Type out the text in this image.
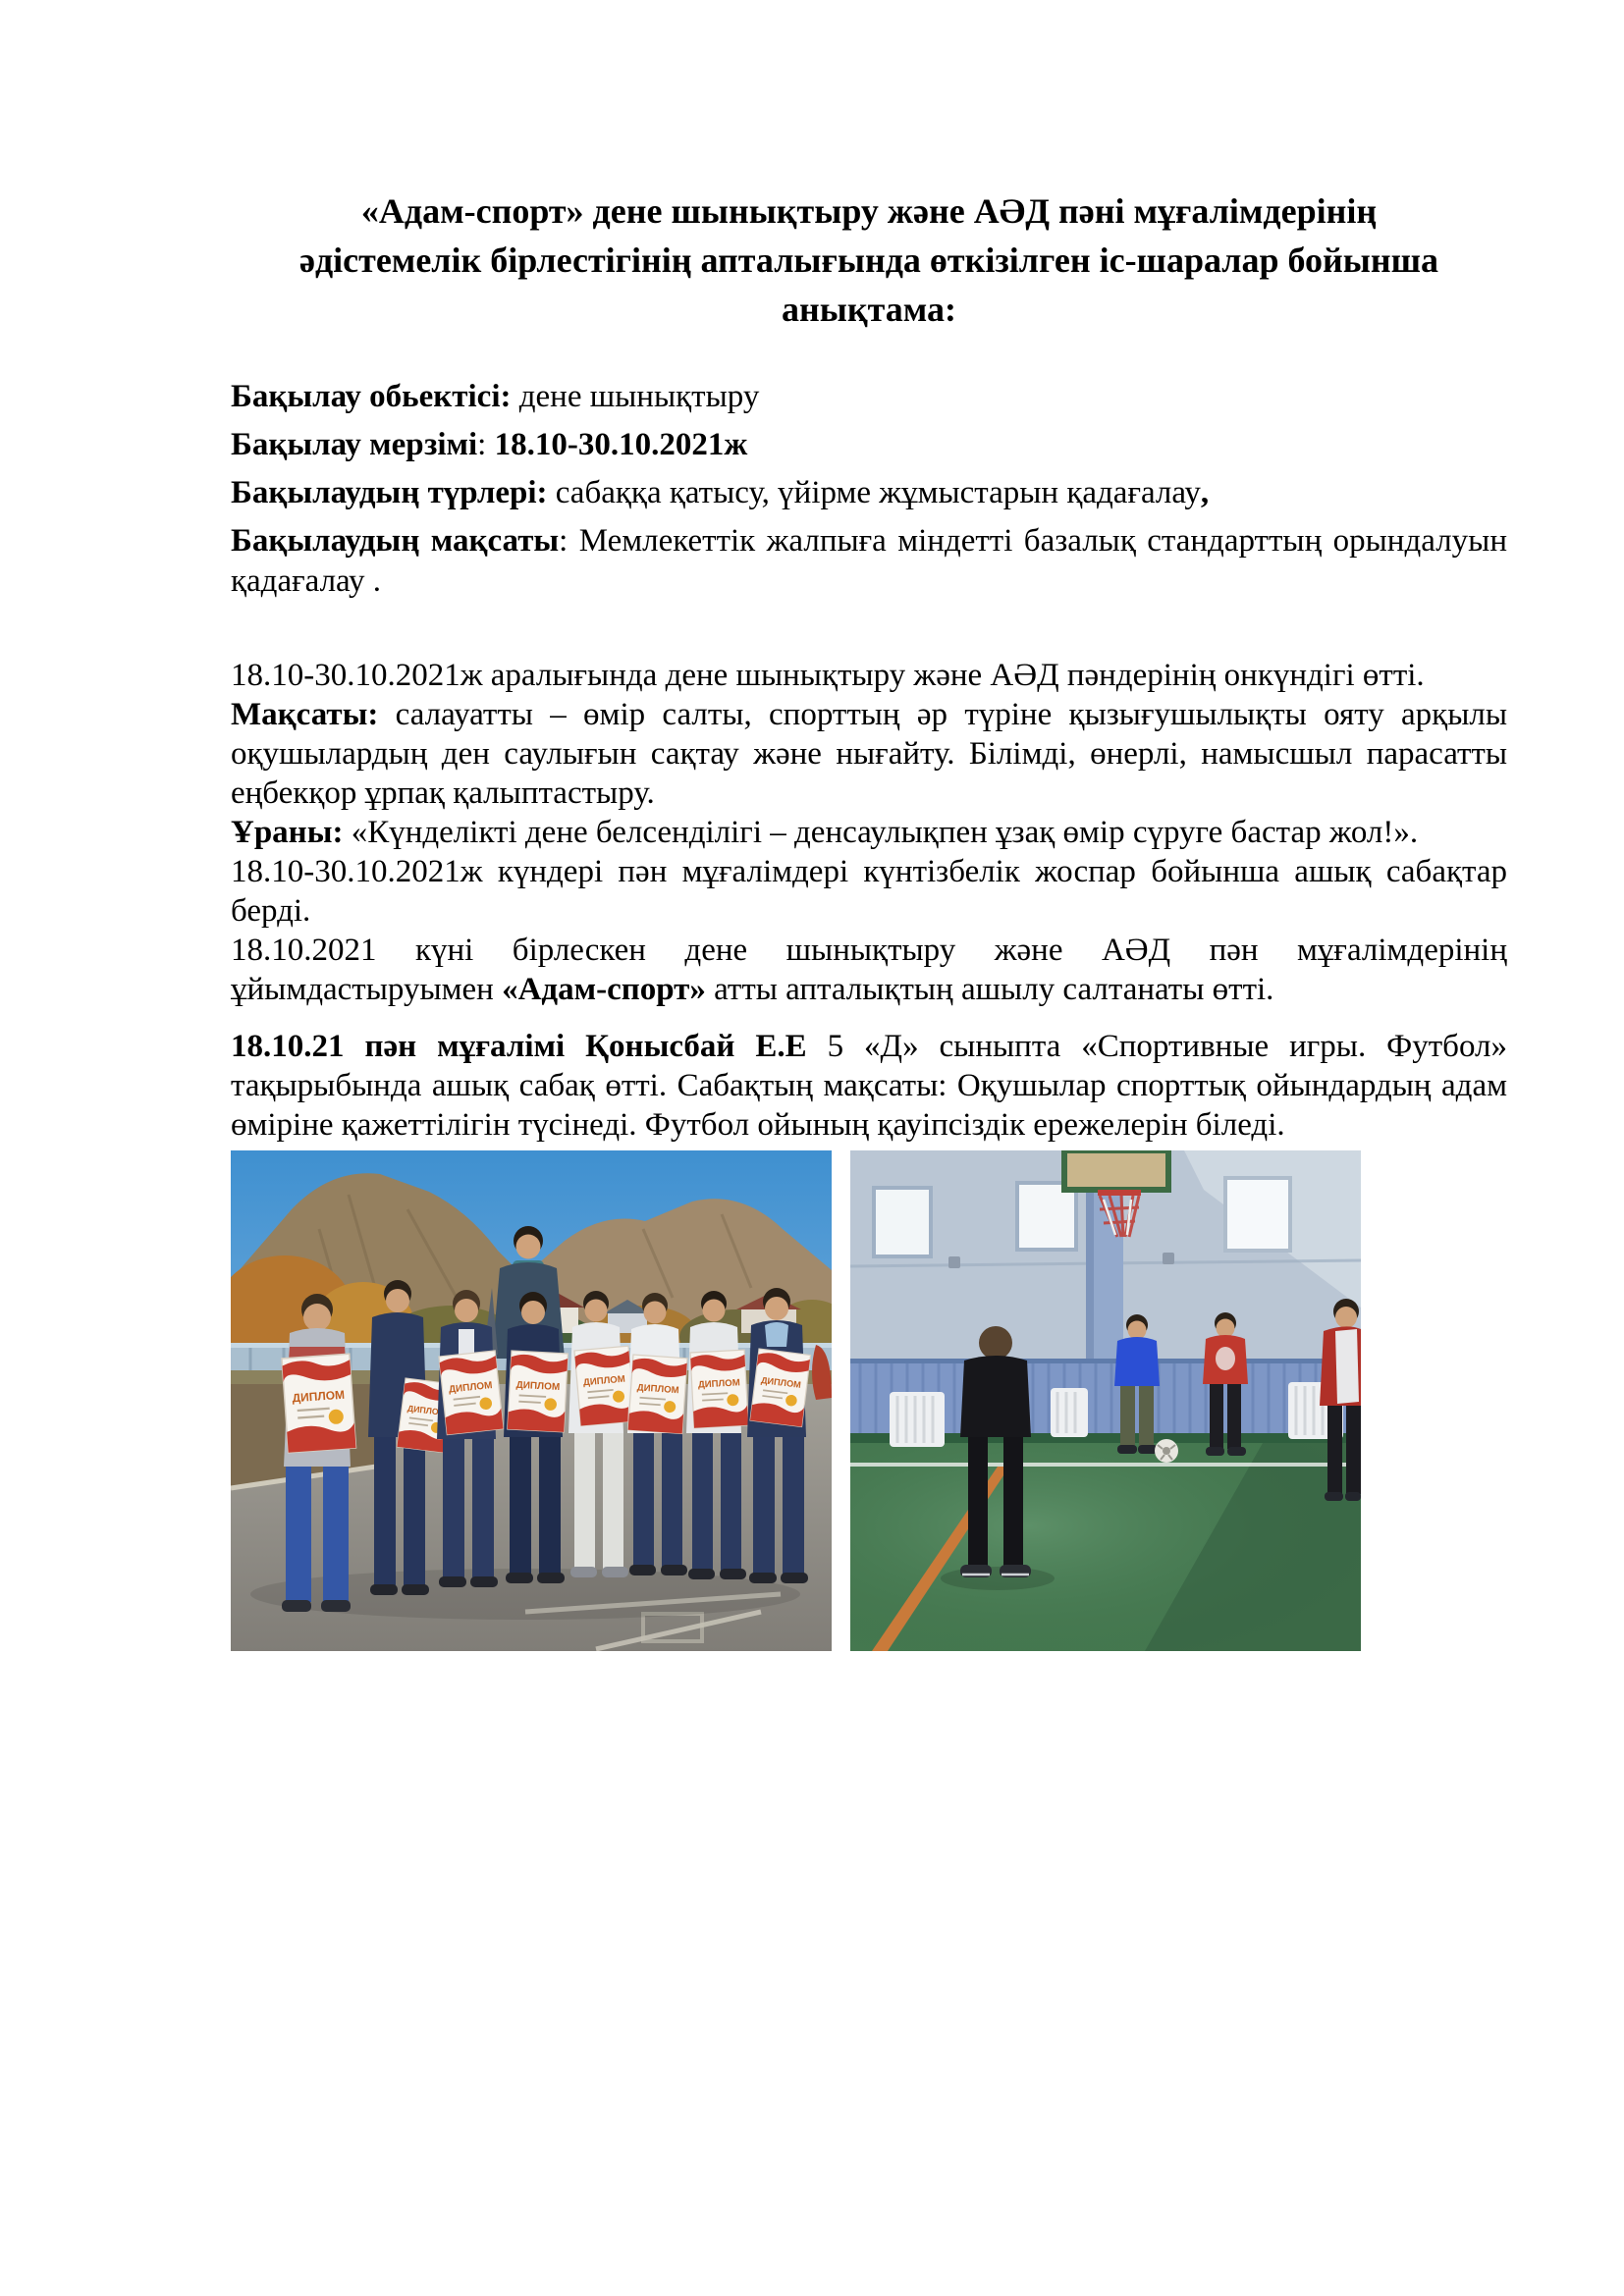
«Адам-спорт» дене шынықтыру және АӘД пәні мұғалімдерінің
әдістемелік бірлестігінің апталығында өткізілген іс-шаралар бойынша
анықтама:

Бақылау обьектісі: дене шынықтыру

Бақылау мерзімі: 18.10-30.10.2021ж

Бақылаудың түрлері: сабаққа қатысу, үйірме жұмыстарын қадағалау,

Бақылаудың мақсаты: Мемлекеттік жалпыға міндетті базалық стандарттың орындалуын қадағалау .

18.10-30.10.2021ж аралығында дене шынықтыру және АӘД пәндерінің онкүндігі өтті.

Мақсаты: салауатты – өмір салты, спорттың әр түріне қызығушылықты ояту арқылы оқушылардың ден саулығын сақтау және нығайту. Білімді, өнерлі, намысшыл парасатты еңбекқор ұрпақ қалыптастыру.

Ұраны: «Күнделікті дене белсенділігі – денсаулықпен ұзақ өмір сүруге бастар жол!».

18.10-30.10.2021ж күндері пән мұғалімдері күнтізбелік жоспар бойынша ашық сабақтар берді.

18.10.2021 күні бірлескен дене шынықтыру және АӘД пән мұғалімдерінің ұйымдастыруымен «Адам-спорт» атты апталықтың ашылу салтанаты өтті.

18.10.21 пән мұғалімі Қонысбай Е.Е 5 «Д» сыныпта «Спортивные игры. Футбол» тақырыбында ашық сабақ өтті. Сабақтың мақсаты: Оқушылар спорттық ойындардың адам өміріне қажеттілігін түсінеді. Футбол ойының қауіпсіздік ережелерін біледі.
